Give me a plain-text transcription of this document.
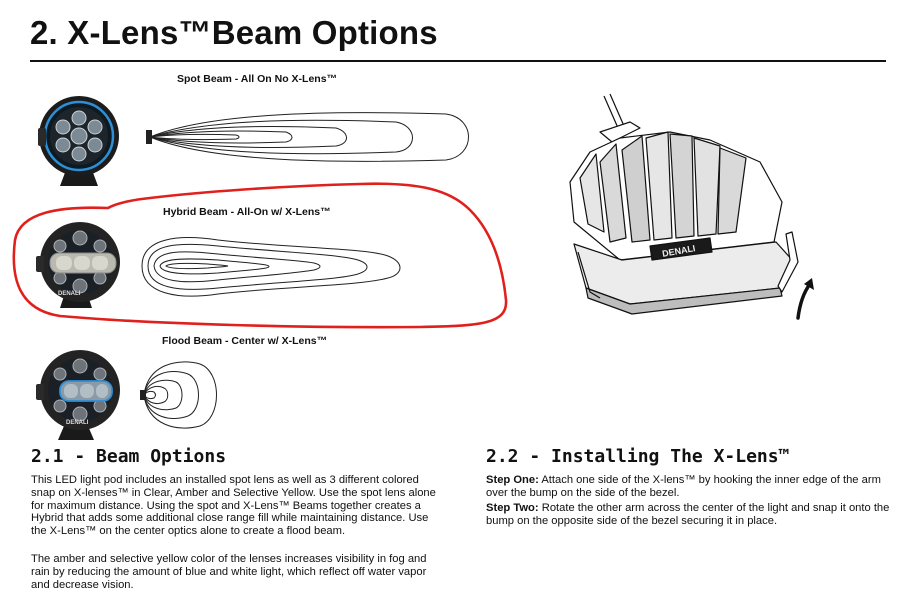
2. X-Lens™Beam Options
DENALI
DENALI
DENALI
Spot Beam - All On No X-Lens™
Hybrid Beam - All-On w/ X-Lens™
Flood Beam - Center w/ X-Lens™
2.1 - Beam Options
This LED light pod includes an installed spot lens as well as 3 different colored snap on X-lenses™ in Clear, Amber and Selective Yellow. Use the spot lens alone for maximum distance. Using the spot and X-Lens™ Beams together creates a Hybrid that adds some additional close range fill while maintaining distance. Use the X-Lens™ on the center optics alone to create a flood beam.
The amber and selective yellow color of the lenses increases visibility in fog and rain by reducing the amount of blue and white light, which reflect off water vapor and decrease vision.
2.2 - Installing The X-Lens™
Step One: Attach one side of the X-lens™ by hooking the inner edge of the arm over the bump on the side of the bezel.
Step Two: Rotate the other arm across the center of the light and snap it onto the bump on the opposite side of the bezel securing it in place.
